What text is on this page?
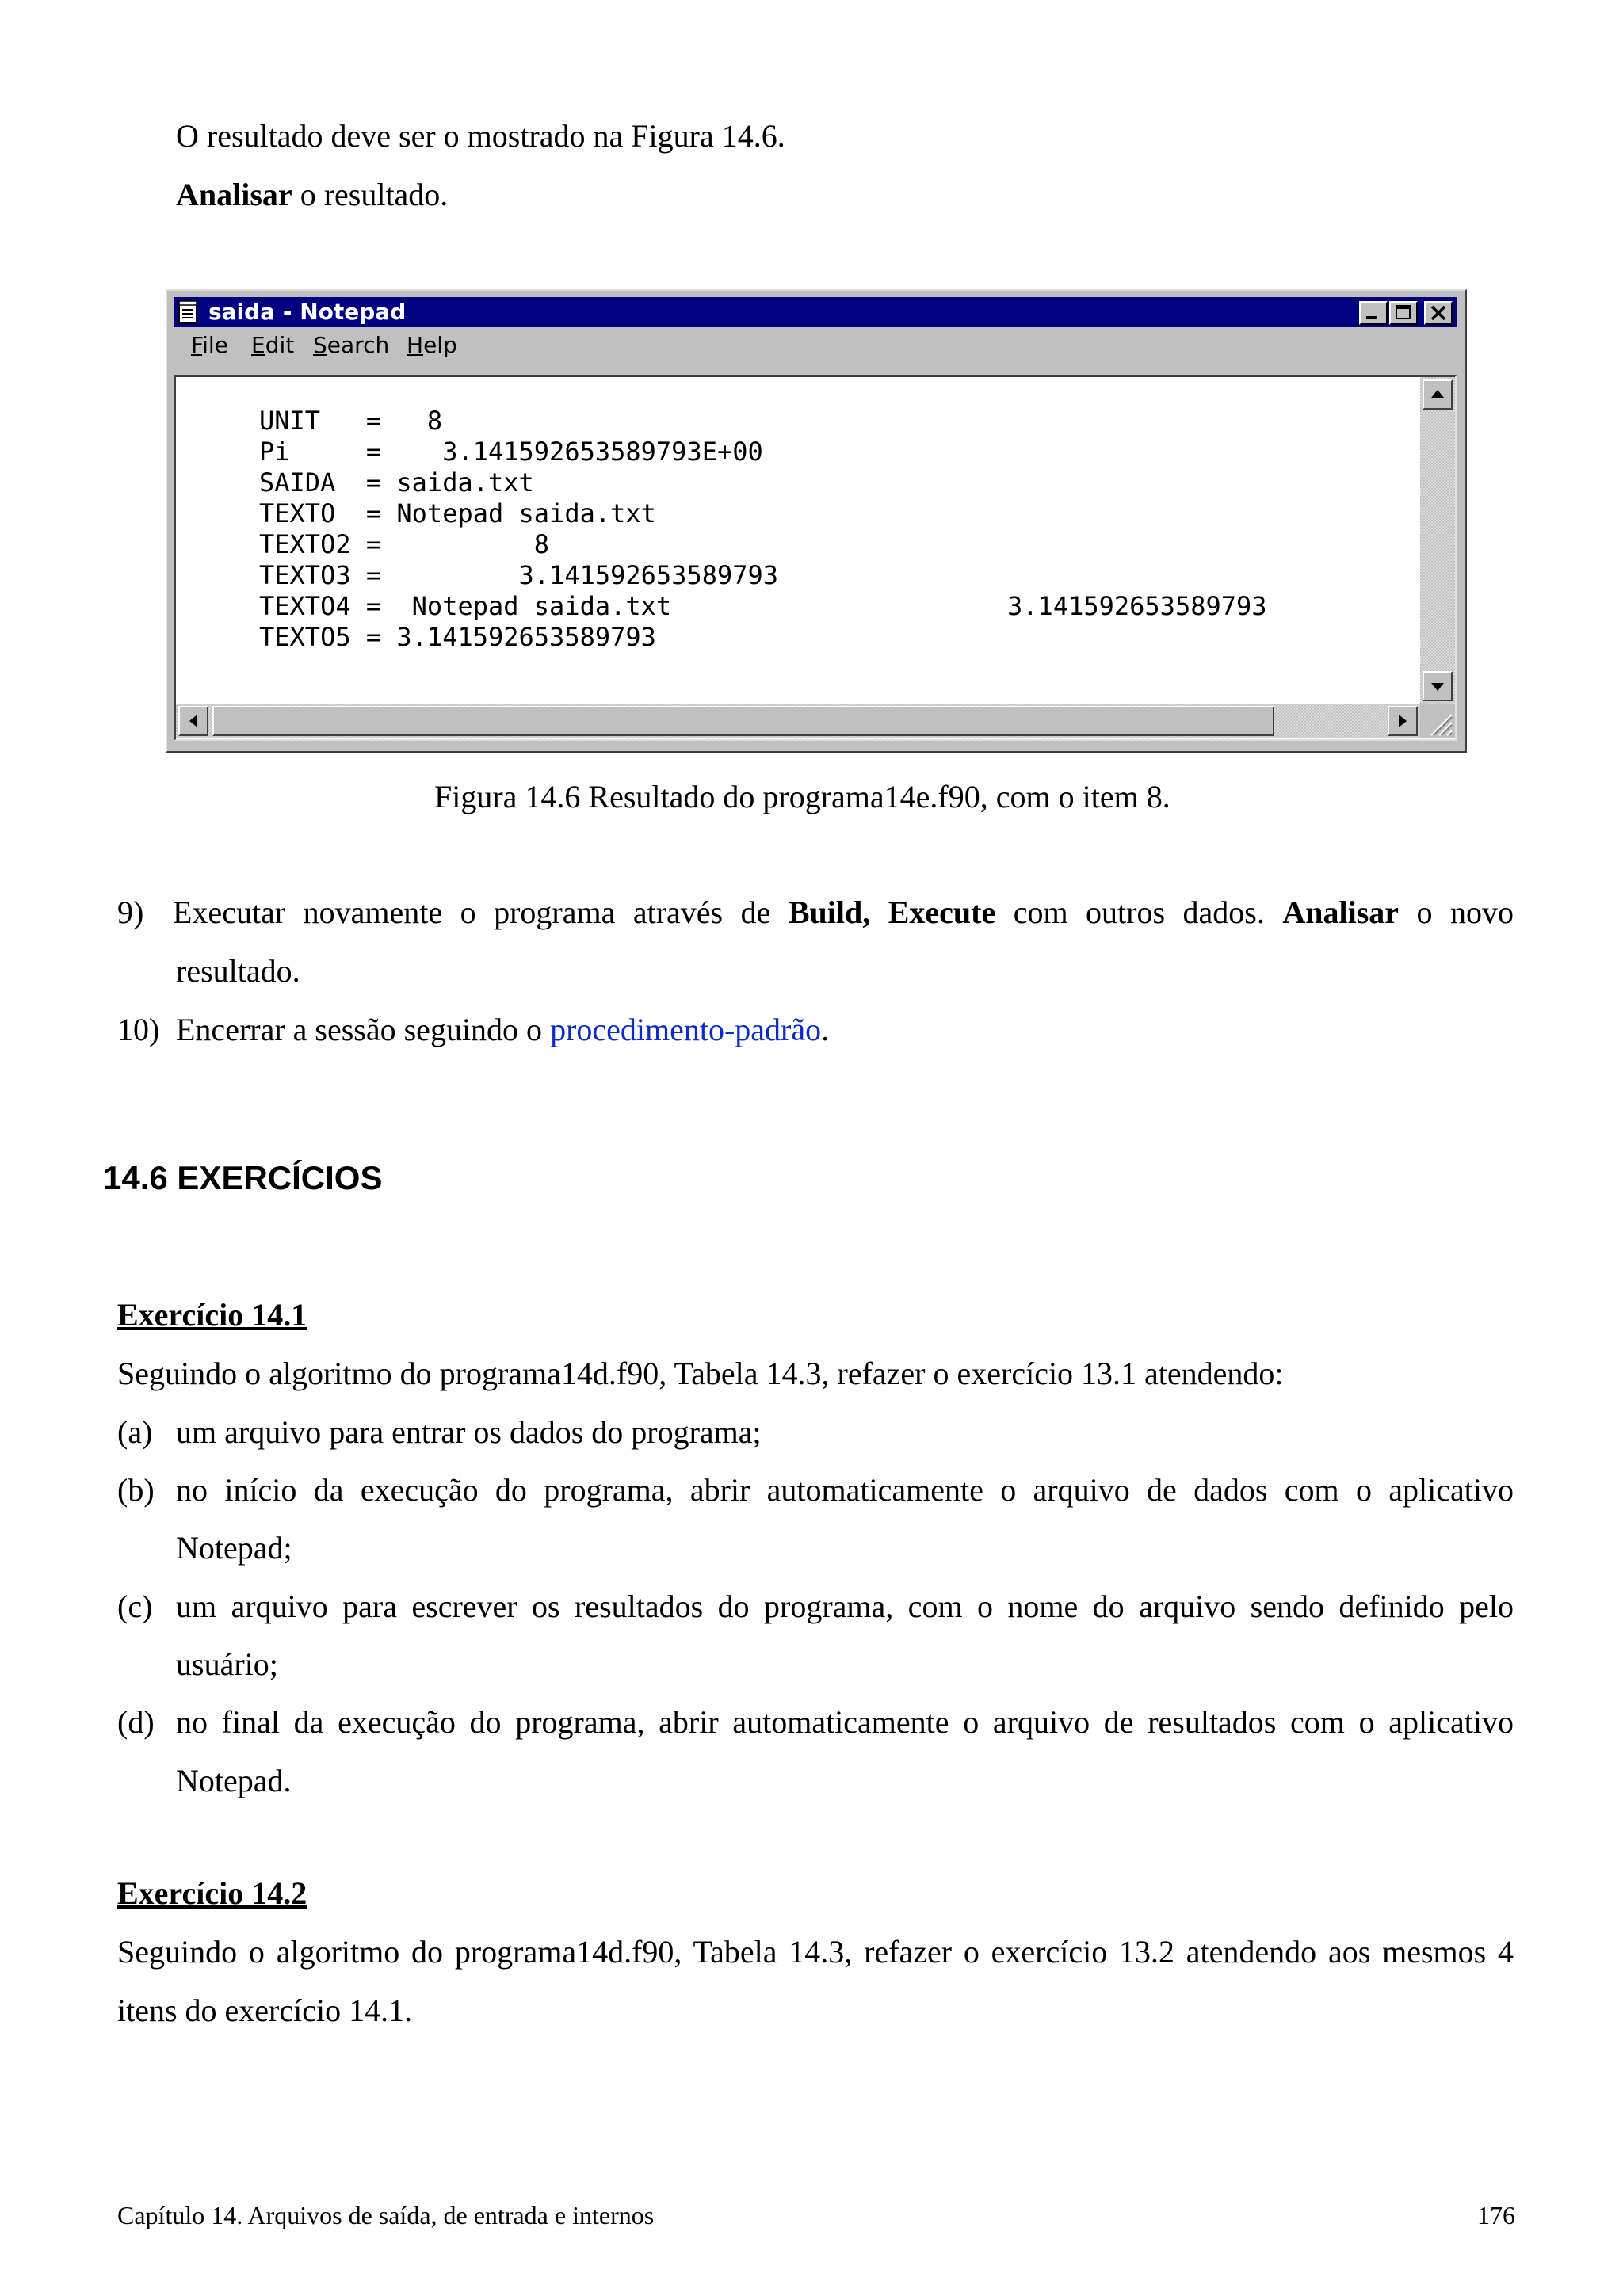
O resultado deve ser o mostrado na Figura 14.6.
Analisar o resultado.
saida - Notepad
File Edit Search Help
UNIT   =   8
Pi     =    3.141592653589793E+00
SAIDA  = saida.txt
TEXTO  = Notepad saida.txt
TEXTO2 =          8
TEXTO3 =         3.141592653589793
TEXTO4 =  Notepad saida.txt                      3.141592653589793
TEXTO5 = 3.141592653589793
Figura 14.6 Resultado do programa14e.f90, com o item 8.
9) Executar novamente o programa através de Build, Execute com outros dados. Analisar o novo
resultado.
10) Encerrar a sessão seguindo o procedimento-padrão.
14.6 EXERCÍCIOS
Exercício 14.1
Seguindo o algoritmo do programa14d.f90, Tabela 14.3, refazer o exercício 13.1 atendendo:
(a) um arquivo para entrar os dados do programa;
(b) no início da execução do programa, abrir automaticamente o arquivo de dados com o aplicativo
Notepad;
(c) um arquivo para escrever os resultados do programa, com o nome do arquivo sendo definido pelo
usuário;
(d) no final da execução do programa, abrir automaticamente o arquivo de resultados com o aplicativo
Notepad.
Exercício 14.2
Seguindo o algoritmo do programa14d.f90, Tabela 14.3, refazer o exercício 13.2 atendendo aos mesmos 4
itens do exercício 14.1.
Capítulo 14. Arquivos de saída, de entrada e internos	176
